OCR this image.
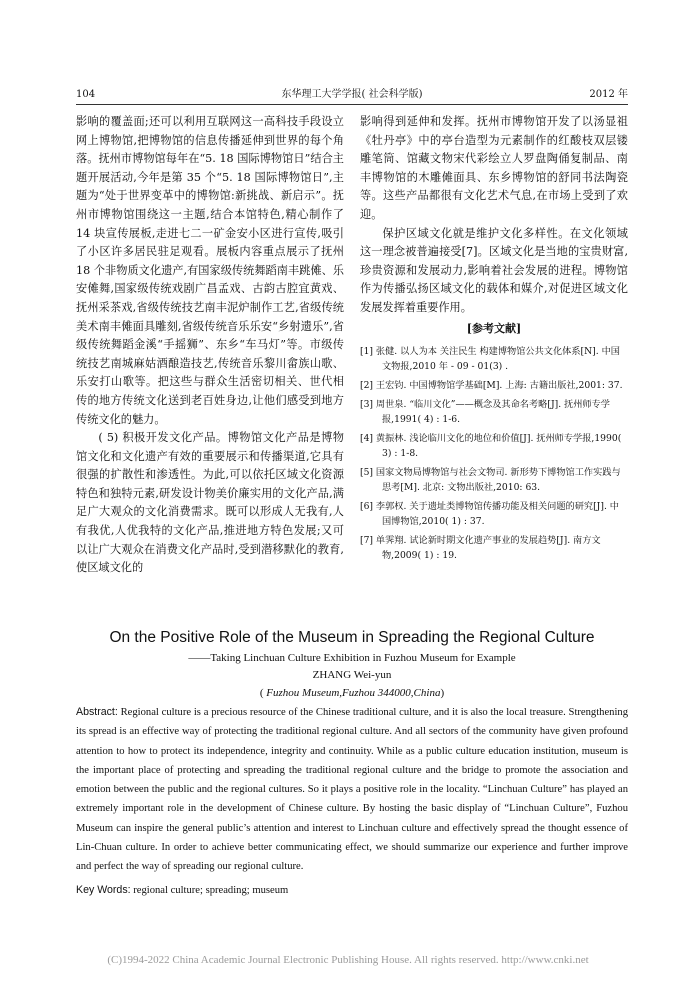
104	东华理工大学学报( 社会科学版)	2012 年

影响的覆盖面;还可以利用互联网这一高科技手段设立网上博物馆,把博物馆的信息传播延伸到世界的每个角落。抚州市博物馆每年在“5. 18 国际博物馆日”结合主题开展活动,今年是第 35 个“5. 18 国际博物馆日”,主题为“处于世界变革中的博物馆:新挑战、新启示”。抚州市博物馆围绕这一主题,结合本馆特色,精心制作了 14 块宣传展板,走进七二一矿金安小区进行宣传,吸引了小区许多居民驻足观看。展板内容重点展示了抚州 18 个非物质文化遗产,有国家级传统舞蹈南丰跳傩、乐安傩舞,国家级传统戏剧广昌孟戏、古韵古腔宜黄戏、抚州采茶戏,省级传统技艺南丰泥炉制作工艺,省级传统美术南丰傩面具雕刻,省级传统音乐乐安“乡射遗乐”,省级传统舞蹈金溪“手摇狮”、东乡“车马灯”等。市级传统技艺南城麻姑酒酿造技艺,传统音乐黎川畲族山歌、乐安打山歌等。把这些与群众生活密切相关、世代相传的地方传统文化送到老百姓身边,让他们感受到地方传统文化的魅力。

( 5) 积极开发文化产品。博物馆文化产品是博物馆文化和文化遗产有效的重要展示和传播渠道,它具有很强的扩散性和渗透性。为此,可以依托区域文化资源特色和独特元素,研发设计物美价廉实用的文化产品,满足广大观众的文化消费需求。既可以形成人无我有,人有我优,人优我特的文化产品,推进地方特色发展;又可以让广大观众在消费文化产品时,受到潜移默化的教育,使区域文化的

影响得到延伸和发挥。抚州市博物馆开发了以汤显祖《牡丹亭》中的亭台造型为元素制作的红酸枝双层镂雕笔筒、馆藏文物宋代彩绘立人罗盘陶俑复制品、南丰博物馆的木雕傩面具、东乡博物馆的舒同书法陶瓷等。这些产品都很有文化艺术气息,在市场上受到了欢迎。

保护区域文化就是维护文化多样性。在文化领域这一理念被普遍接受[7]。区域文化是当地的宝贵财富,珍贵资源和发展动力,影响着社会发展的进程。博物馆作为传播弘扬区域文化的载体和媒介,对促进区域文化发展发挥着重要作用。

[参考文献]
[1] 张健. 以人为本 关注民生 构建博物馆公共文化体系[N]. 中国文物报,2010 年 - 09 - 01(3) .
[2] 王宏钧. 中国博物馆学基础[M]. 上海: 古籍出版社,2001: 37.
[3] 周世泉. “临川文化”——概念及其命名考略[J]. 抚州师专学报,1991( 4) : 1-6.
[4] 黄振林. 浅论临川文化的地位和价值[J]. 抚州师专学报,1990( 3) : 1-8.
[5] 国家文物局博物馆与社会文物司. 新形势下博物馆工作实践与思考[M]. 北京: 文物出版社,2010: 63.
[6] 李郭权. 关于遗址类博物馆传播功能及相关问题的研究[J]. 中国博物馆,2010( 1) : 37.
[7] 单霁翔. 试论新时期文化遗产事业的发展趋势[J]. 南方文物,2009( 1) : 19.
On the Positive Role of the Museum in Spreading the Regional Culture
——Taking Linchuan Culture Exhibition in Fuzhou Museum for Example
ZHANG Wei-yun
( Fuzhou Museum,Fuzhou 344000,China)
Abstract: Regional culture is a precious resource of the Chinese traditional culture, and it is also the local treasure. Strengthening its spread is an effective way of protecting the traditional regional culture. And all sectors of the community have given profound attention to how to protect its independence, integrity and continuity. While as a public culture education institution, museum is the important place of protecting and spreading the traditional regional culture and the bridge to promote the association and emotion between the public and the regional cultures. So it plays a positive role in the locality. “Linchuan Culture” has played an extremely important role in the development of Chinese culture. By hosting the basic display of “Linchuan Culture”, Fuzhou Museum can inspire the general public’s attention and interest to Linchuan culture and effectively spread the thought essence of Lin-Chuan culture. In order to achieve better communicating effect, we should summarize our experience and further improve and perfect the way of spreading our regional culture.
Key Words: regional culture; spreading; museum
(C)1994-2022 China Academic Journal Electronic Publishing House. All rights reserved. http://www.cnki.net
